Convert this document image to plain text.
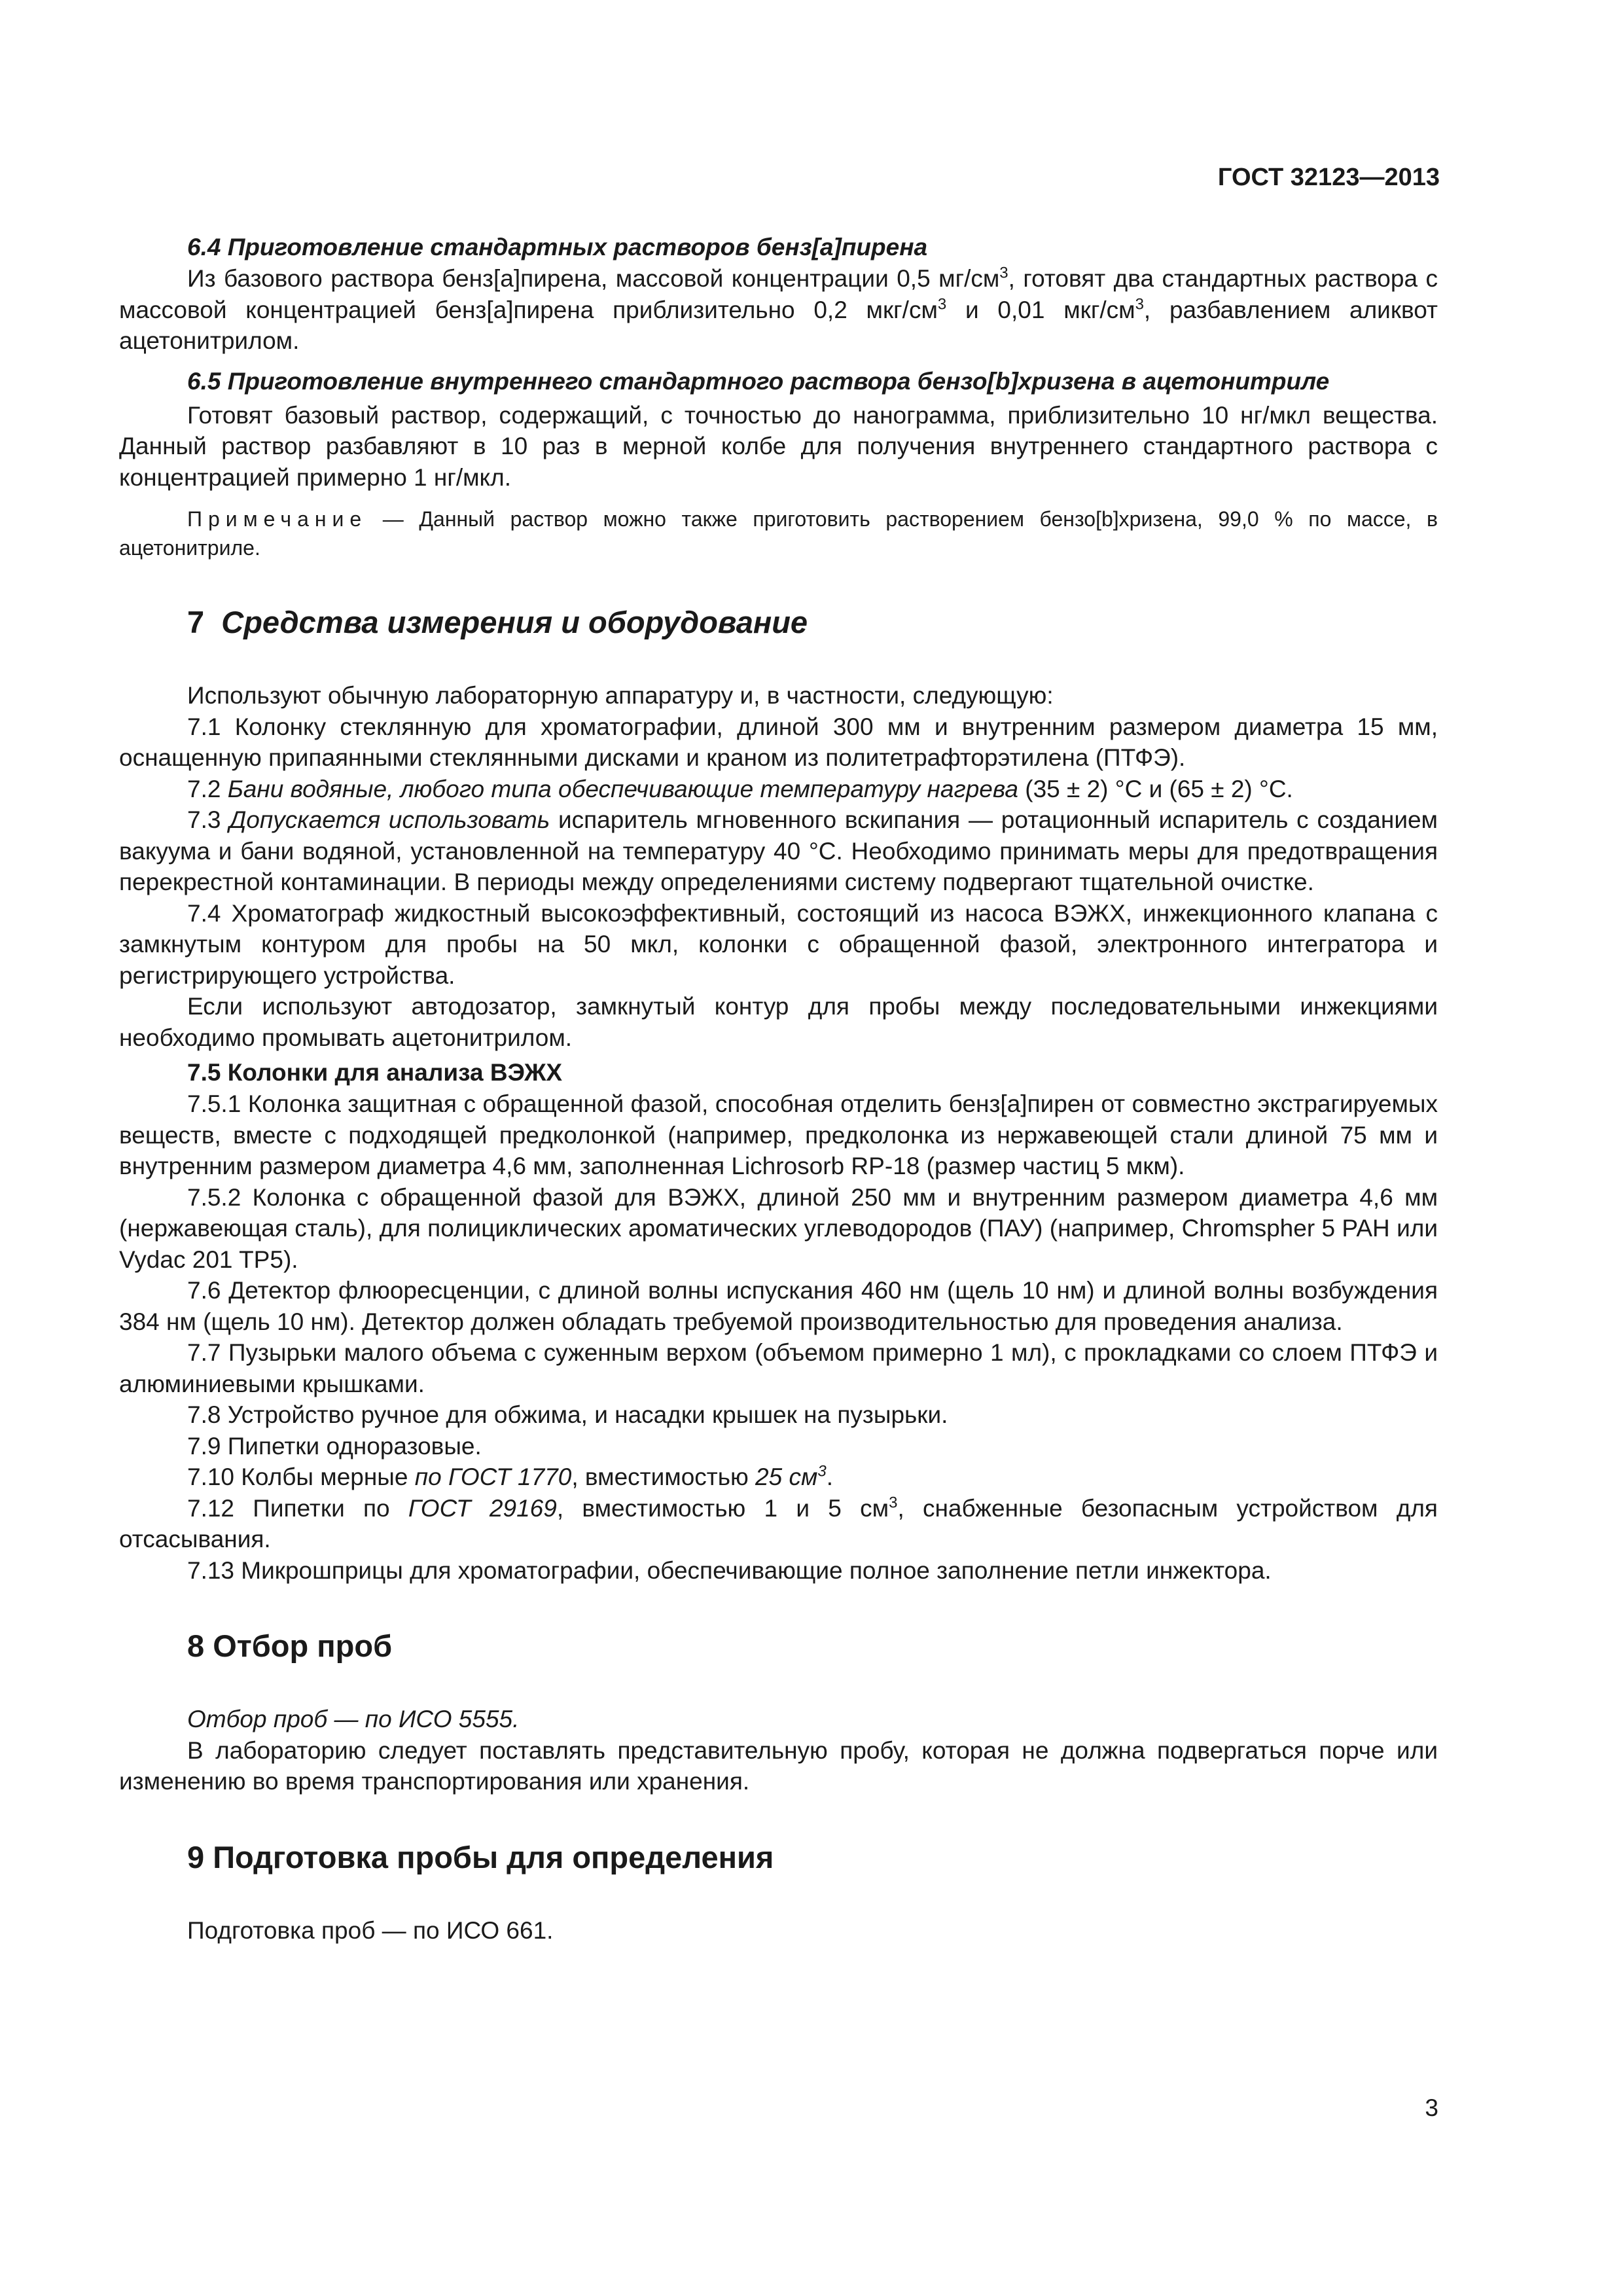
ГОСТ 32123—2013

6.4 Приготовление стандартных растворов бенз[а]пирена

Из базового раствора бенз[а]пирена, массовой концентрации 0,5 $мг/см^3$, готовят два стандартных раствора с массовой концентрацией бенз[а]пирена приблизительно 0,2 мкг/$см^3$ и 0,01 мкг/$см^3$, разбавлением аликвот ацетонитрилом.

6.5 Приготовление внутреннего стандартного раствора бензо[b]хризена в ацетонитриле

Готовят базовый раствор, содержащий, с точностью до нанограмма, приблизительно 10 нг/мкл вещества. Данный раствор разбавляют в 10 раз в мерной колбе для получения внутреннего стандартного раствора с концентрацией примерно 1 нг/мкл.

Примечание — Данный раствор можно также приготовить растворением бензо[b]хризена, 99,0 % по массе, в ацетонитриле.

7 Средства измерения и оборудование

Используют обычную лабораторную аппаратуру и, в частности, следующую:

7.1 Колонку стеклянную для хроматографии, длиной 300 мм и внутренним размером диаметра 15 мм, оснащенную припаянными стеклянными дисками и краном из политетрафторэтилена (ПТФЭ).

7.2 Бани водяные, любого типа обеспечивающие температуру нагрева (35 ± 2) °С и (65 ± 2) °С.

7.3 Допускается использовать испаритель мгновенного вскипания — ротационный испаритель с созданием вакуума и бани водяной, установленной на температуру 40 °С. Необходимо принимать меры для предотвращения перекрестной контаминации. В периоды между определениями систему подвергают тщательной очистке.

7.4 Хроматограф жидкостный высокоэффективный, состоящий из насоса ВЭЖХ, инжекционного клапана с замкнутым контуром для пробы на 50 мкл, колонки с обращенной фазой, электронного интегратора и регистрирующего устройства.

Если используют автодозатор, замкнутый контур для пробы между последовательными инжекциями необходимо промывать ацетонитрилом.

7.5 Колонки для анализа ВЭЖХ

7.5.1 Колонка защитная с обращенной фазой, способная отделить бенз[а]пирен от совместно экстрагируемых веществ, вместе с подходящей предколонкой (например, предколонка из нержавеющей стали длиной 75 мм и внутренним размером диаметра 4,6 мм, заполненная Lichrosorb RP-18 (размер частиц 5 мкм).

7.5.2 Колонка с обращенной фазой для ВЭЖХ, длиной 250 мм и внутренним размером диаметра 4,6 мм (нержавеющая сталь), для полициклических ароматических углеводородов (ПАУ) (например, Chromspher 5 PAH или Vydac 201 TP5).

7.6 Детектор флюоресценции, с длиной волны испускания 460 нм (щель 10 нм) и длиной волны возбуждения 384 нм (щель 10 нм). Детектор должен обладать требуемой производительностью для проведения анализа.

7.7 Пузырьки малого объема с суженным верхом (объемом примерно 1 мл), с прокладками со слоем ПТФЭ и алюминиевыми крышками.

7.8 Устройство ручное для обжима, и насадки крышек на пузырьки.

7.9 Пипетки одноразовые.

7.10 Колбы мерные по ГОСТ 1770, вместимостью 25 $см^3$.

7.12 Пипетки по ГОСТ 29169, вместимостью 1 и 5 $см^3$, снабженные безопасным устройством для отсасывания.

7.13 Микрошприцы для хроматографии, обеспечивающие полное заполнение петли инжектора.

8 Отбор проб

Отбор проб — по ИСО 5555.

В лабораторию следует поставлять представительную пробу, которая не должна подвергаться порче или изменению во время транспортирования или хранения.

9 Подготовка пробы для определения

Подготовка проб — по ИСО 661.

3
